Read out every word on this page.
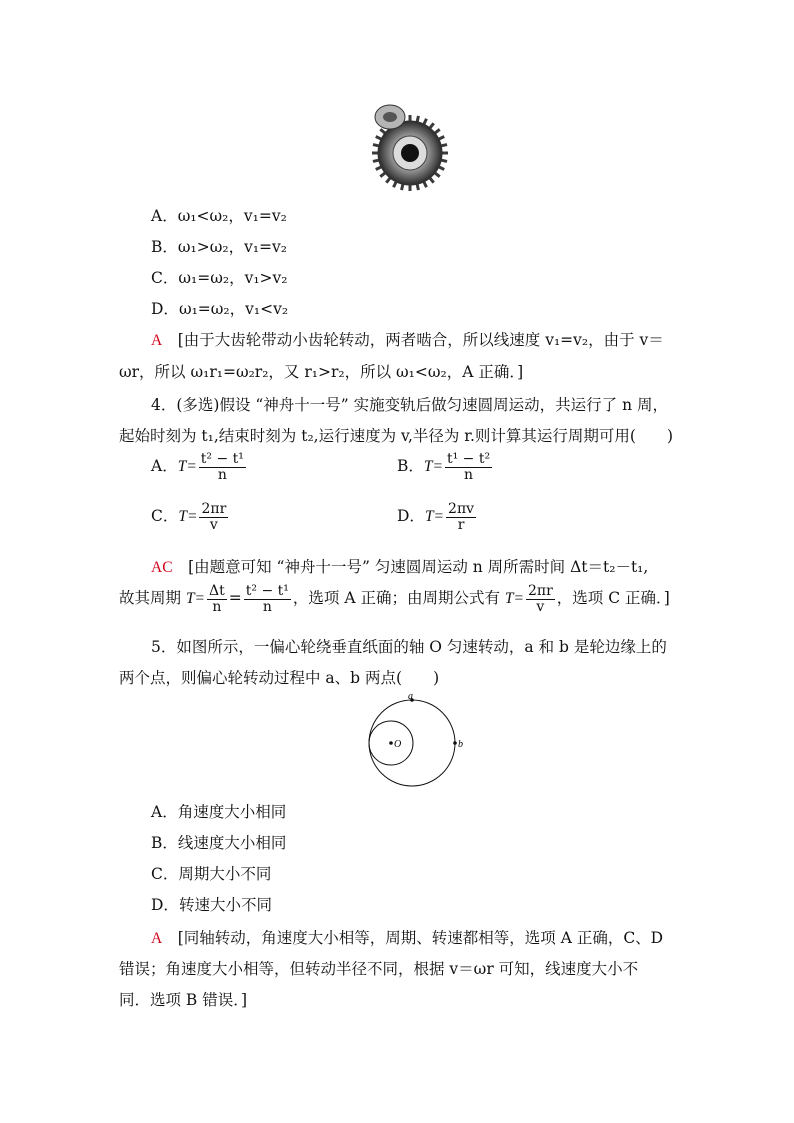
A．ω₁<ω₂，v₁=v₂
B．ω₁>ω₂，v₁=v₂
C．ω₁=ω₂，v₁>v₂
D．ω₁=ω₂，v₁<v₂
A　 [由于大齿轮带动小齿轮转动，两者啮合，所以线速度 v₁=v₂，由于 v＝
ωr，所以 ω₁r₁=ω₂r₂，又 r₁>r₂，所以 ω₁<ω₂，A 正确．]
4．(多选)假设 “神舟十一号” 实施变轨后做匀速圆周运动，共运行了 n 周，
起始时刻为 t₁,结束时刻为 t₂,运行速度为 v,半径为 r.则计算其运行周期可用(　　)
A．$T= \frac{\text{t² − t¹}}{n}$	B．$T= \frac{\text{t¹ − t²}}{n}$
C．$T= \frac{2\pi r}{v}$	D．$T= \frac{2\pi v}{r}$
AC　 [由题意可知 “神舟十一号” 匀速圆周运动 n 周所需时间 Δt＝t₂－t₁,
故其周期 $T= \frac{\Delta t}{n} = \frac{\text{t² − t¹}}{n}$ ，选项 A 正确；由周期公式有 $T= \frac{2\pi r}{v}$ ，选项 C 正确．]
5．如图所示，一偏心轮绕垂直纸面的轴 O 匀速转动，a 和 b 是轮边缘上的
两个点，则偏心轮转动过程中 a、b 两点(　　)
O
a
b
A．角速度大小相同
B．线速度大小相同
C．周期大小不同
D．转速大小不同
A　 [同轴转动，角速度大小相等，周期、转速都相等，选项 A 正确，C、D
错误；角速度大小相等，但转动半径不同，根据 v＝ωr 可知，线速度大小不
同．选项 B 错误．]
